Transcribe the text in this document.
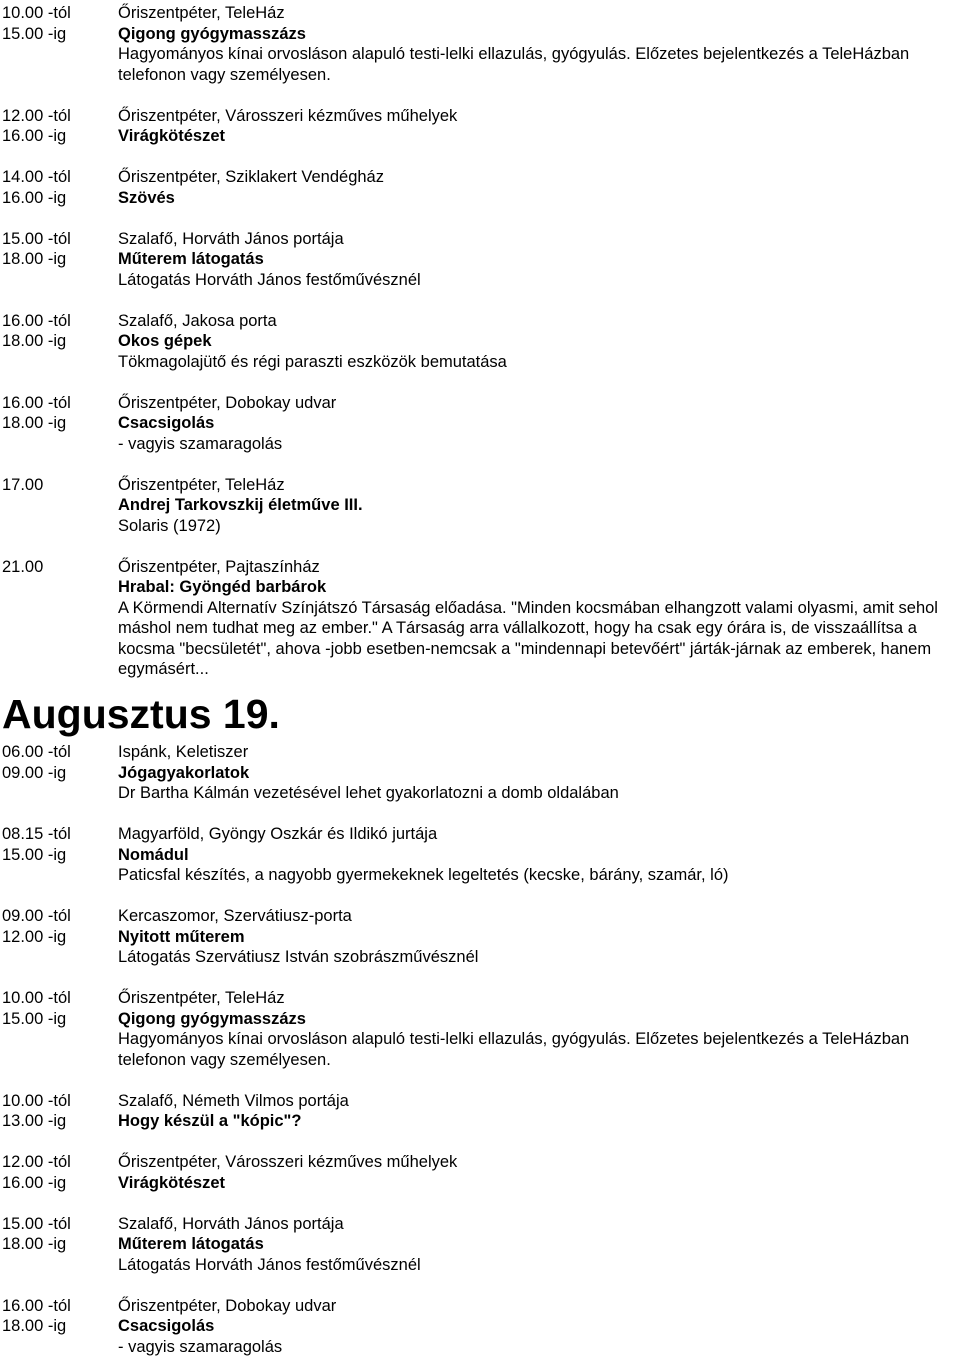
10.00 -tól
15.00 -ig
Őriszentpéter, TeleHáz
Qigong gyógymasszázs
Hagyományos kínai orvosláson alapuló testi-lelki ellazulás, gyógyulás. Előzetes bejelentkezés a TeleHázban telefonon vagy személyesen.
12.00 -tól
16.00 -ig
Őriszentpéter, Városszeri kézműves műhelyek
Virágkötészet
14.00 -tól
16.00 -ig
Őriszentpéter, Sziklakert Vendégház
Szövés
15.00 -tól
18.00 -ig
Szalafő, Horváth János portája
Műterem látogatás
Látogatás Horváth János festőművésznél
16.00 -tól
18.00 -ig
Szalafő, Jakosa porta
Okos gépek
Tökmagolajütő és régi paraszti eszközök bemutatása
16.00 -tól
18.00 -ig
Őriszentpéter, Dobokay udvar
Csacsigolás
- vagyis szamaragolás
17.00	Őriszentpéter, TeleHáz
Andrej Tarkovszkij életműve III.
Solaris (1972)
21.00	Őriszentpéter, Pajtaszínház
Hrabal: Gyöngéd barbárok
A Körmendi Alternatív Színjátszó Társaság előadása. "Minden kocsmában elhangzott valami olyasmi, amit sehol máshol nem tudhat meg az ember." A Társaság arra vállalkozott, hogy ha csak egy órára is, de visszaállítsa a kocsma "becsületét", ahova -jobb esetben-nemcsak a "mindennapi betevőért" járták-járnak az emberek, hanem egymásért...
Augusztus 19.
06.00 -tól
09.00 -ig
Ispánk, Keletiszer
Jógagyakorlatok
Dr Bartha Kálmán vezetésével lehet gyakorlatozni a domb oldalában
08.15 -tól
15.00 -ig
Magyarföld, Gyöngy Oszkár és Ildikó jurtája
Nomádul
Paticsfal készítés, a nagyobb gyermekeknek legeltetés (kecske, bárány, szamár, ló)
09.00 -tól
12.00 -ig
Kercaszomor, Szervátiusz-porta
Nyitott műterem
Látogatás Szervátiusz István szobrászművésznél
10.00 -tól
15.00 -ig
Őriszentpéter, TeleHáz
Qigong gyógymasszázs
Hagyományos kínai orvosláson alapuló testi-lelki ellazulás, gyógyulás. Előzetes bejelentkezés a TeleHázban telefonon vagy személyesen.
10.00 -tól
13.00 -ig
Szalafő, Németh Vilmos portája
Hogy készül a "kópic"?
12.00 -tól
16.00 -ig
Őriszentpéter, Városszeri kézműves műhelyek
Virágkötészet
15.00 -tól
18.00 -ig
Szalafő, Horváth János portája
Műterem látogatás
Látogatás Horváth János festőművésznél
16.00 -tól
18.00 -ig
Őriszentpéter, Dobokay udvar
Csacsigolás
- vagyis szamaragolás
